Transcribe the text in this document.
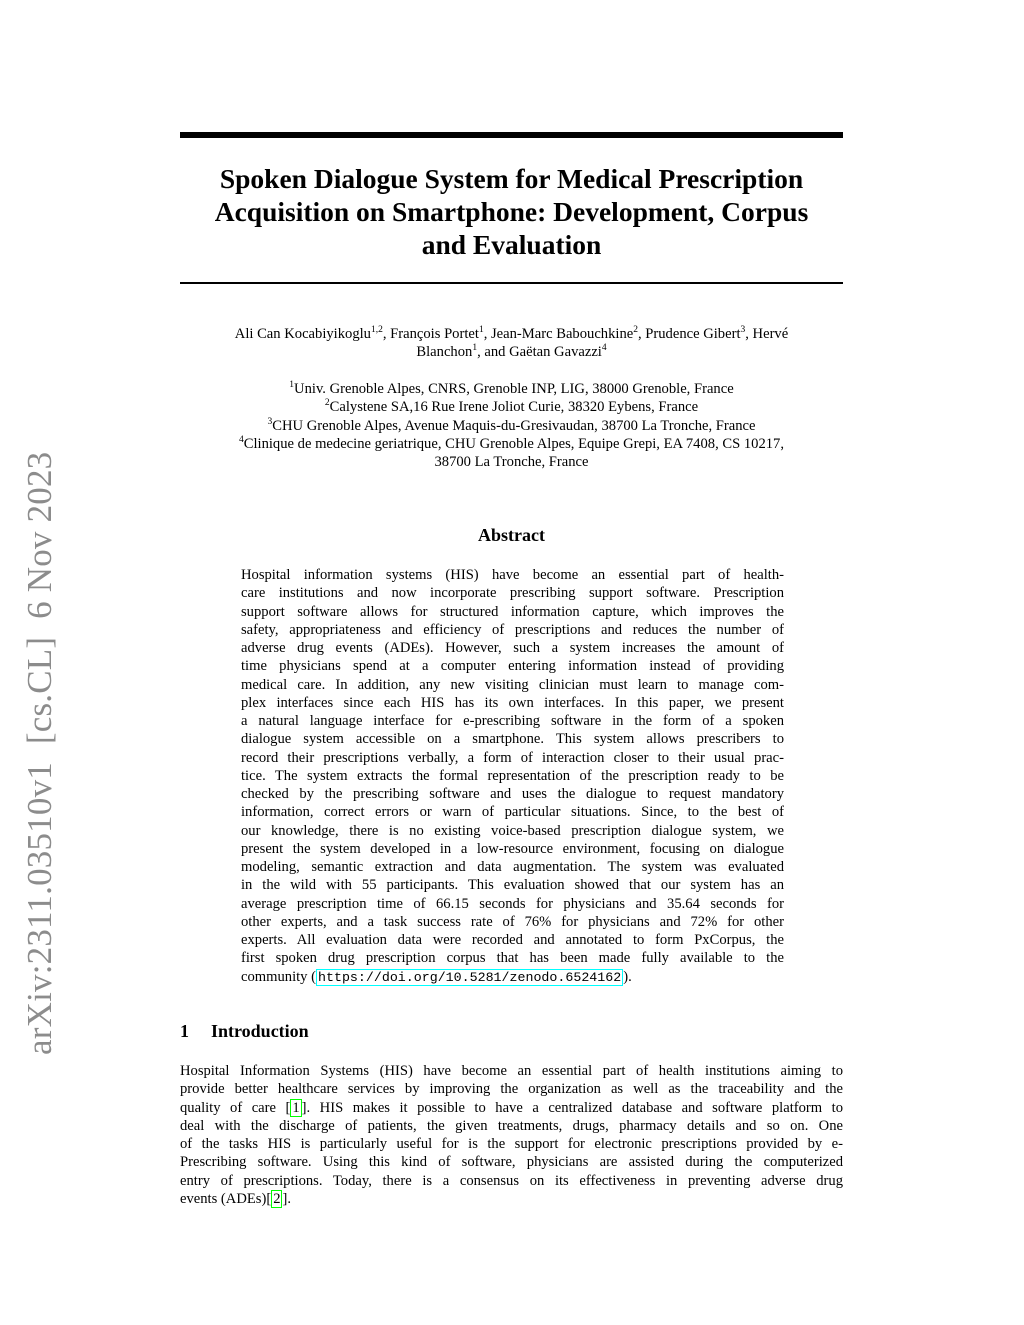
arXiv:2311.03510v1  [cs.CL]  6 Nov 2023
Spoken Dialogue System for Medical Prescription
Acquisition on Smartphone: Development, Corpus
and Evaluation
Ali Can Kocabiyikoglu$^{1,2}$, François Portet$^1$, Jean-Marc Babouchkine$^2$, Prudence Gibert$^3$, Hervé
Blanchon$^1$, and Gaëtan Gavazzi$^4$
$^1$Univ. Grenoble Alpes, CNRS, Grenoble INP, LIG, 38000 Grenoble, France
$^2$Calystene SA,16 Rue Irene Joliot Curie, 38320 Eybens, France
$^3$CHU Grenoble Alpes, Avenue Maquis-du-Gresivaudan, 38700 La Tronche, France
$^4$Clinique de medecine geriatrique, CHU Grenoble Alpes, Equipe Grepi, EA 7408, CS 10217,
38700 La Tronche, France
Abstract
Hospital information systems (HIS) have become an essential part of health-
care institutions and now incorporate prescribing support software. Prescription
support software allows for structured information capture, which improves the
safety, appropriateness and efficiency of prescriptions and reduces the number of
adverse drug events (ADEs). However, such a system increases the amount of
time physicians spend at a computer entering information instead of providing
medical care. In addition, any new visiting clinician must learn to manage com-
plex interfaces since each HIS has its own interfaces. In this paper, we present
a natural language interface for e-prescribing software in the form of a spoken
dialogue system accessible on a smartphone. This system allows prescribers to
record their prescriptions verbally, a form of interaction closer to their usual prac-
tice. The system extracts the formal representation of the prescription ready to be
checked by the prescribing software and uses the dialogue to request mandatory
information, correct errors or warn of particular situations. Since, to the best of
our knowledge, there is no existing voice-based prescription dialogue system, we
present the system developed in a low-resource environment, focusing on dialogue
modeling, semantic extraction and data augmentation. The system was evaluated
in the wild with 55 participants. This evaluation showed that our system has an
average prescription time of 66.15 seconds for physicians and 35.64 seconds for
other experts, and a task success rate of 76% for physicians and 72% for other
experts. All evaluation data were recorded and annotated to form PxCorpus, the
first spoken drug prescription corpus that has been made fully available to the
community ( https://doi.org/10.5281/zenodo.6524162 ).
1 Introduction
Hospital Information Systems (HIS) have become an essential part of health institutions aiming to
provide better healthcare services by improving the organization as well as the traceability and the
quality of care [ 1 ]. HIS makes it possible to have a centralized database and software platform to
deal with the discharge of patients, the given treatments, drugs, pharmacy details and so on. One
of the tasks HIS is particularly useful for is the support for electronic prescriptions provided by e-
Prescribing software. Using this kind of software, physicians are assisted during the computerized
entry of prescriptions. Today, there is a consensus on its effectiveness in preventing adverse drug
events (ADEs)[ 2 ].
